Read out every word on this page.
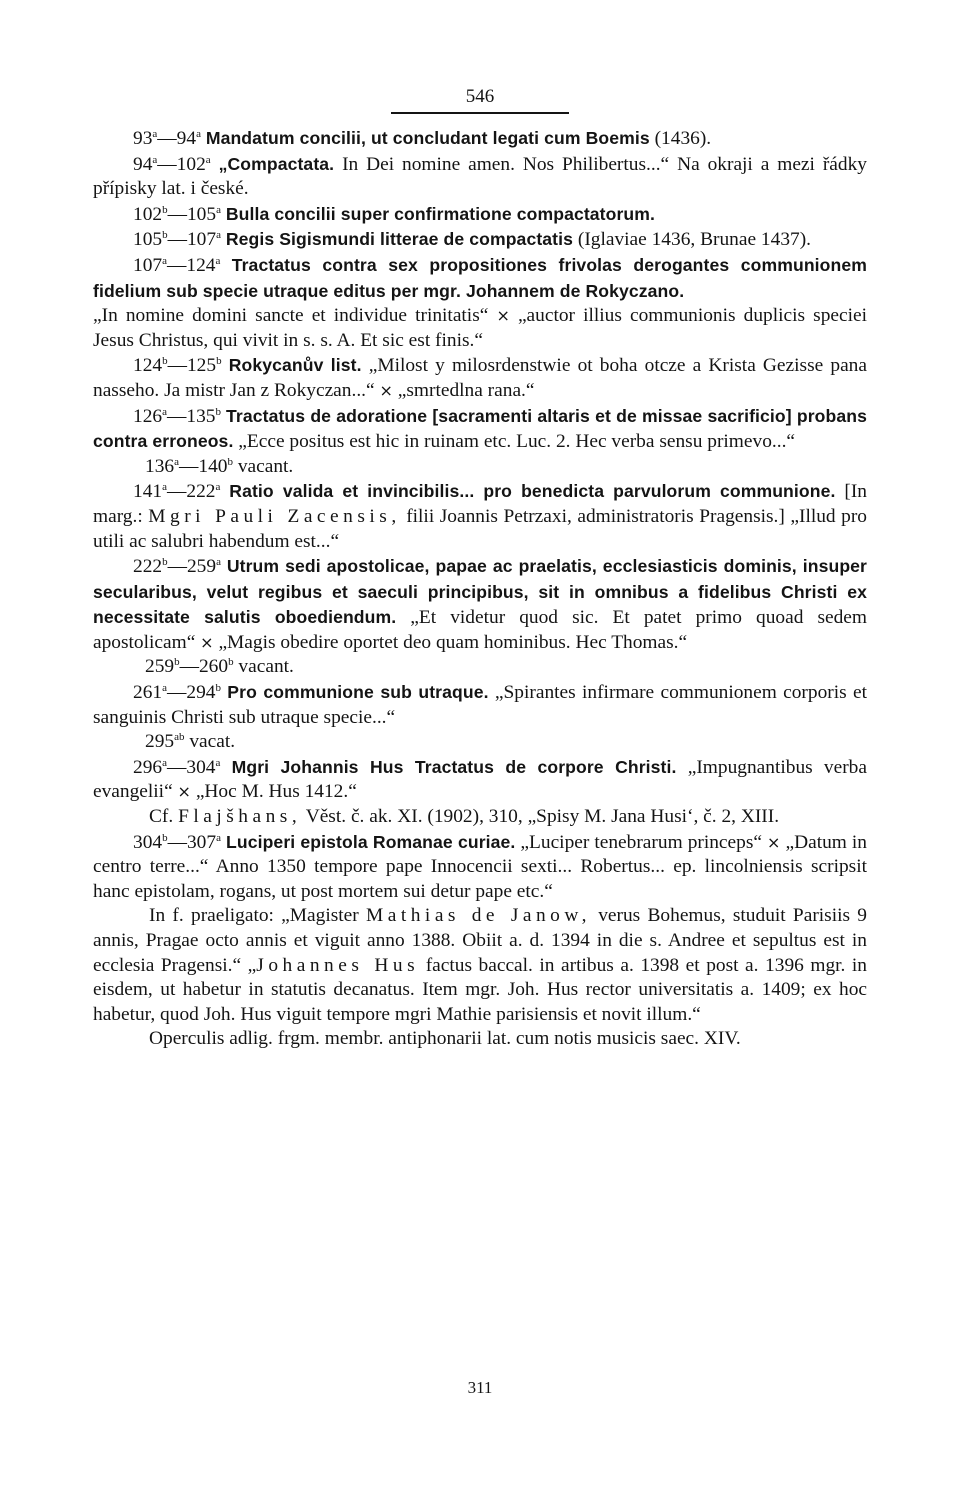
546

93$^a$—94$^a$ Mandatum concilii, ut concludant legati cum Boemis (1436).

94$^a$—102$^a$ „Compactata. In Dei nomine amen. Nos Philibertus...“ Na okraji a mezi řádky přípisky lat. i české.

102$^b$—105$^a$ Bulla concilii super confirmatione compactatorum.

105$^b$—107$^a$ Regis Sigismundi litterae de compactatis (Iglaviae 1436, Brunae 1437).

107$^a$—124$^a$ Tractatus contra sex propositiones frivolas derogantes communionem fidelium sub specie utraque editus per mgr. Johannem de Rokyczano.

„In nomine domini sancte et individue trinitatis“ × „auctor illius communionis duplicis speciei Jesus Christus, qui vivit in s. s. A. Et sic est finis.“

124$^b$—125$^b$ Rokycanův list. „Milost y milosrdenstwie ot boha otcze a Krista Gezisse pana nasseho. Ja mistr Jan z Rokyczan...“ × „smrtedlna rana.“

126$^a$—135$^b$ Tractatus de adoratione [sacramenti altaris et de missae sacrificio] probans contra erroneos. „Ecce positus est hic in ruinam etc. Luc. 2. Hec verba sensu primevo...“

136$^a$—140$^b$ vacant.

141$^a$—222$^a$ Ratio valida et invincibilis... pro benedicta parvulorum communione. [In marg.: Mgri Pauli Zacensis, filii Joannis Petrzaxi, administratoris Pragensis.] „Illud pro utili ac salubri habendum est...“

222$^b$—259$^a$ Utrum sedi apostolicae, papae ac praelatis, ecclesiasticis dominis, insuper secularibus, velut regibus et saeculi principibus, sit in omnibus a fidelibus Christi ex necessitate salutis oboediendum. „Et videtur quod sic. Et patet primo quoad sedem apostolicam“ × „Magis obedire oportet deo quam hominibus. Hec Thomas.“

259$^b$—260$^b$ vacant.

261$^a$—294$^b$ Pro communione sub utraque. „Spirantes infirmare communionem corporis et sanguinis Christi sub utraque specie...“

$295^{ab}$ vacat.

296$^a$—304$^a$ Mgri Johannis Hus Tractatus de corpore Christi. „Impugnantibus verba evangelii“ × „Hoc M. Hus 1412.“

Cf. Flajšhans, Věst. č. ak. XI. (1902), 310, „Spisy M. Jana Husi‘, č. 2, XIII.

304$^b$—307$^a$ Luciperi epistola Romanae curiae. „Luciper tenebrarum princeps“ × „Datum in centro terre...“ Anno 1350 tempore pape Innocencii sexti... Robertus... ep. lincolniensis scripsit hanc epistolam, rogans, ut post mortem sui detur pape etc.“

In f. praeligato: „Magister Mathias de Janow, verus Bohemus, studuit Parisiis 9 annis, Pragae octo annis et viguit anno 1388. Obiit a. d. 1394 in die s. Andree et sepultus est in ecclesia Pragensi.“ „Johannes Hus factus baccal. in artibus a. 1398 et post a. 1396 mgr. in eisdem, ut habetur in statutis decanatus. Item mgr. Joh. Hus rector universitatis a. 1409; ex hoc habetur, quod Joh. Hus viguit tempore mgri Mathie parisiensis et novit illum.“

Operculis adlig. frgm. membr. antiphonarii lat. cum notis musicis saec. XIV.

311
